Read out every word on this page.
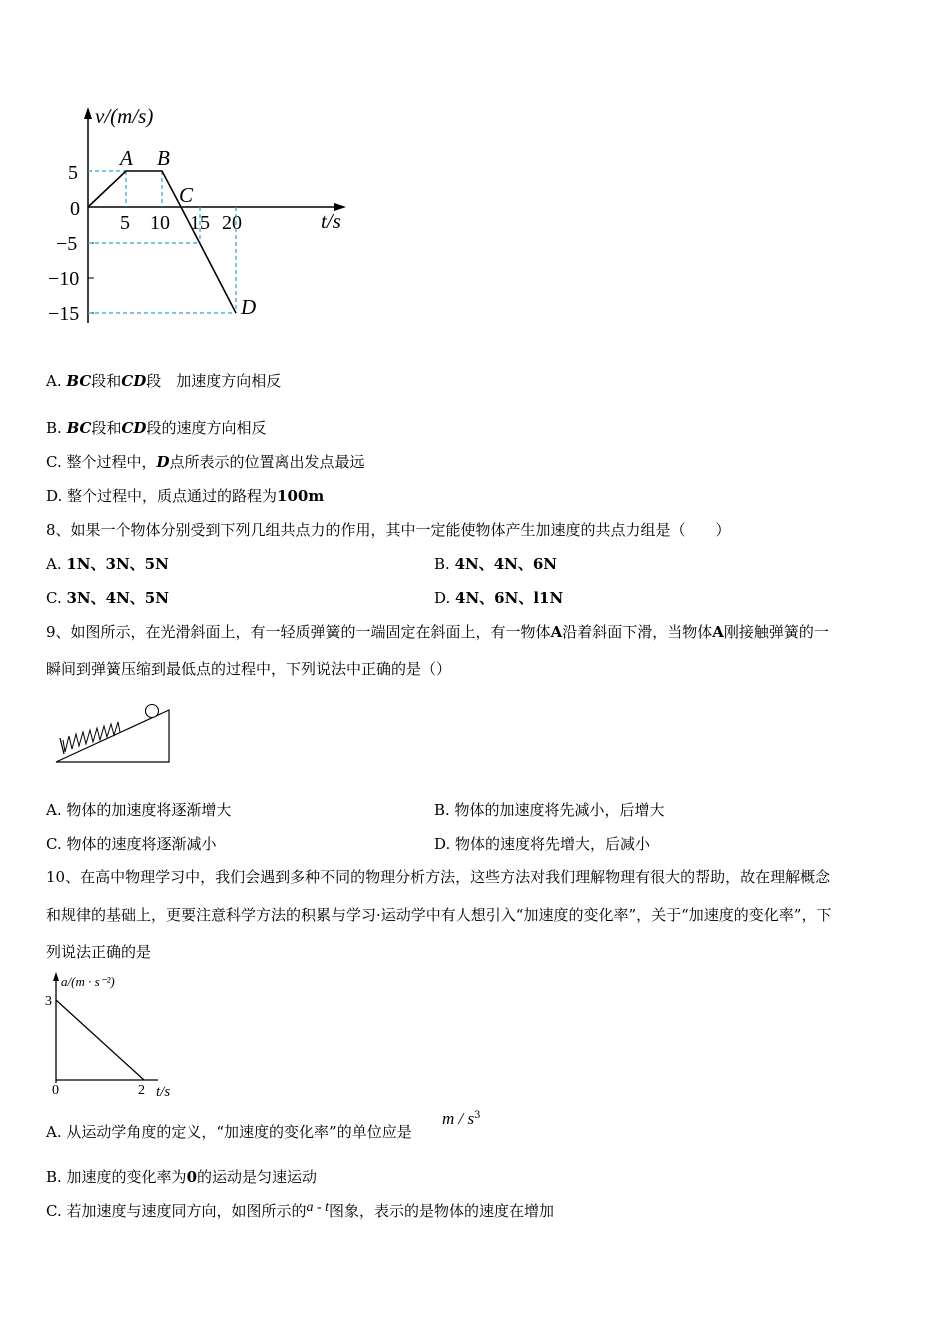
v/(m/s)
t/s
5
0
−5
−10
−15
5 10 15 20
A B
C
D
A. BC段和CD段　加速度方向相反
B. BC段和CD段的速度方向相反
C. 整个过程中，D点所表示的位置离出发点最远
D. 整个过程中，质点通过的路程为100m
8、如果一个物体分别受到下列几组共点力的作用，其中一定能使物体产生加速度的共点力组是（　　）
A. 1N、3N、5N	B. 4N、4N、6N
C. 3N、4N、5N	D. 4N、6N、l1N
9、如图所示，在光滑斜面上，有一轻质弹簧的一端固定在斜面上，有一物体A沿着斜面下滑，当物体A刚接触弹簧的一
瞬间到弹簧压缩到最低点的过程中，下列说法中正确的是（）
A. 物体的加速度将逐渐增大	B. 物体的加速度将先减小，后增大
C. 物体的速度将逐渐减小	D. 物体的速度将先增大，后减小
10、在高中物理学习中，我们会遇到多种不同的物理分析方法，这些方法对我们理解物理有很大的帮助，故在理解概念
和规律的基础上，更要注意科学方法的积累与学习·运动学中有人想引入“加速度的变化率”，关于“加速度的变化率”，下
列说法正确的是
a/(m · s⁻²)
t/s
3
0	2
A. 从运动学角度的定义，“加速度的变化率”的单位应是
m / $s^3$
B. 加速度的变化率为0的运动是匀速运动
C. 若加速度与速度同方向，如图所示的a - t图象，表示的是物体的速度在增加
